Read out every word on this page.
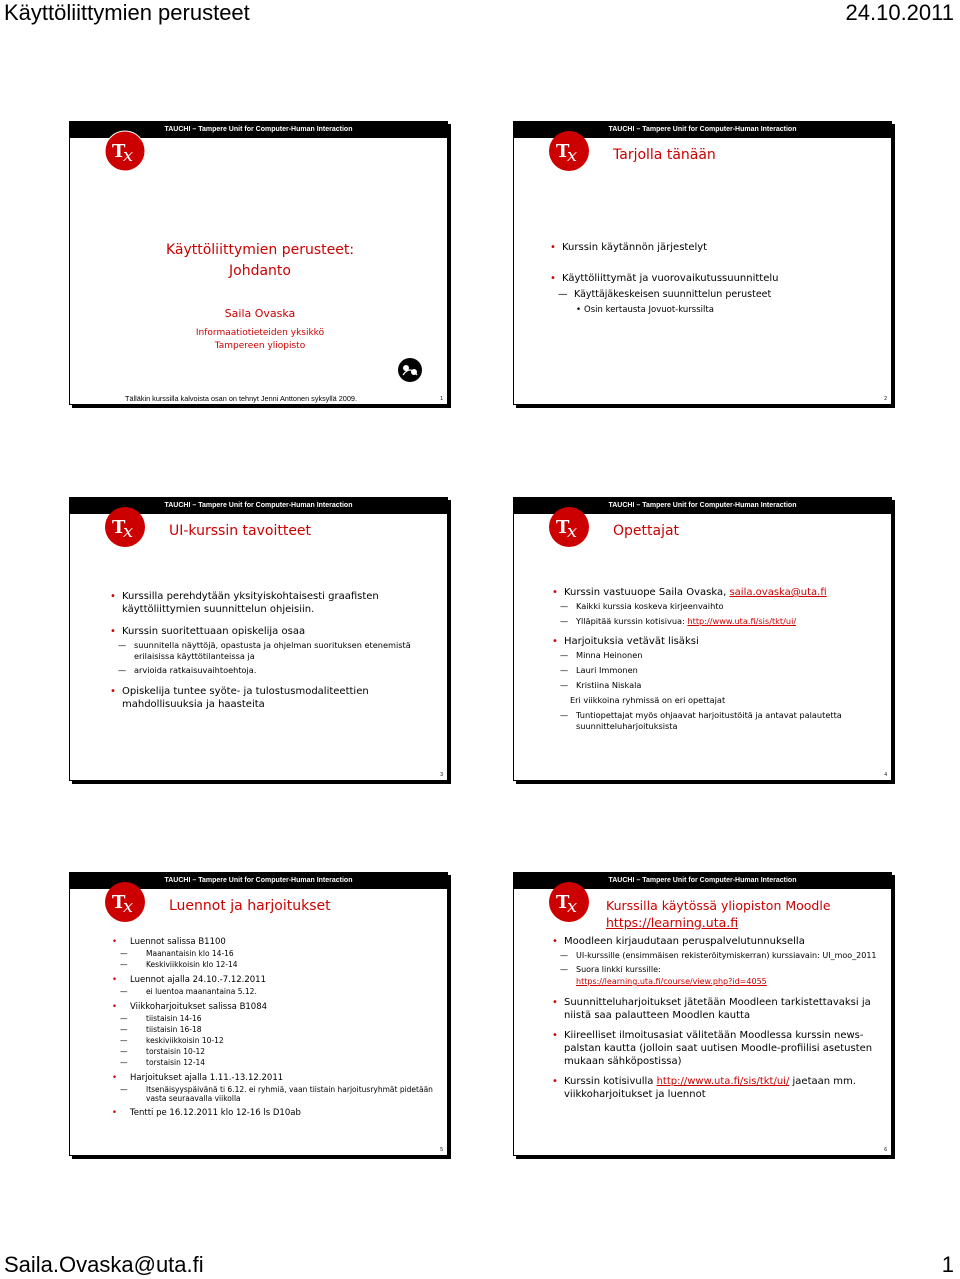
Käyttöliittymien perusteet	24.10.2011
Saila.Ovaska@uta.fi	1
TAUCHI – Tampere Unit for Computer-Human Interaction
T
x
Käyttöliittymien perusteet: Johdanto
Saila Ovaska
Informaatiotieteiden yksikkö
Tampereen yliopisto
Tälläkin kurssilla kalvoista osan on tehnyt Jenni Anttonen syksyllä 2009.	1
TAUCHI – Tampere Unit for Computer-Human Interaction
T
x	Tarjolla tänään
• Kurssin käytännön järjestelyt
• Käyttöliittymät ja vuorovaikutussuunnittelu
— Käyttäjäkeskeisen suunnittelun perusteet
• Osin kertausta Jovuot-kurssilta
2
TAUCHI – Tampere Unit for Computer-Human Interaction
T
x	UI-kurssin tavoitteet
• Kurssilla perehdytään yksityiskohtaisesti graafisten käyttöliittymien suunnittelun ohjeisiin.
• Kurssin suoritettuaan opiskelija osaa
— suunnitella näyttöjä, opastusta ja ohjelman suorituksen etenemistä erilaisissa käyttötilanteissa ja
— arvioida ratkaisuvaihtoehtoja.
• Opiskelija tuntee syöte- ja tulostusmodaliteettien mahdollisuuksia ja haasteita
3
TAUCHI – Tampere Unit for Computer-Human Interaction
T
x	Opettajat
• Kurssin vastuuope Saila Ovaska, saila.ovaska@uta.fi
— Kaikki kurssia koskeva kirjeenvaihto
— Ylläpitää kurssin kotisivua: http://www.uta.fi/sis/tkt/ui/
• Harjoituksia vetävät lisäksi
— Minna Heinonen
— Lauri Immonen
— Kristiina Niskala
Eri viikkoina ryhmissä on eri opettajat
— Tuntiopettajat myös ohjaavat harjoitustöitä ja antavat palautetta suunnitteluharjoituksista
4
TAUCHI – Tampere Unit for Computer-Human Interaction
T
x	Luennot ja harjoitukset
• Luennot salissa B1100
— Maanantaisin klo 14-16
— Keskiviikkoisin klo 12-14
• Luennot ajalla 24.10.-7.12.2011
— ei luentoa maanantaina 5.12.
• Viikkoharjoitukset salissa B1084
— tiistaisin 14-16
— tiistaisin 16-18
— keskiviikkoisin 10-12
— torstaisin 10-12
— torstaisin 12-14
• Harjoitukset ajalla 1.11.-13.12.2011
— Itsenäisyyspäivänä ti 6.12. ei ryhmiä, vaan tiistain harjoitusryhmät pidetään vasta seuraavalla viikolla
• Tentti pe 16.12.2011 klo 12-16 ls D10ab
5
TAUCHI – Tampere Unit for Computer-Human Interaction
T
x Kurssilla käytössä yliopiston Moodle
https://learning.uta.fi
• Moodleen kirjaudutaan peruspalvelutunnuksella
— UI-kurssille (ensimmäisen rekisteröitymiskerran) kurssiavain: UI_moo_2011
— Suora linkki kurssille:
https://learning.uta.fi/course/view.php?id=4055
• Suunnitteluharjoitukset jätetään Moodleen tarkistettavaksi ja niistä saa palautteen Moodlen kautta
• Kiireelliset ilmoitusasiat välitetään Moodlessa kurssin news-palstan kautta (jolloin saat uutisen Moodle-profiilisi asetusten mukaan sähköpostissa)
• Kurssin kotisivulla http://www.uta.fi/sis/tkt/ui/ jaetaan mm. viikkoharjoitukset ja luennot
6
